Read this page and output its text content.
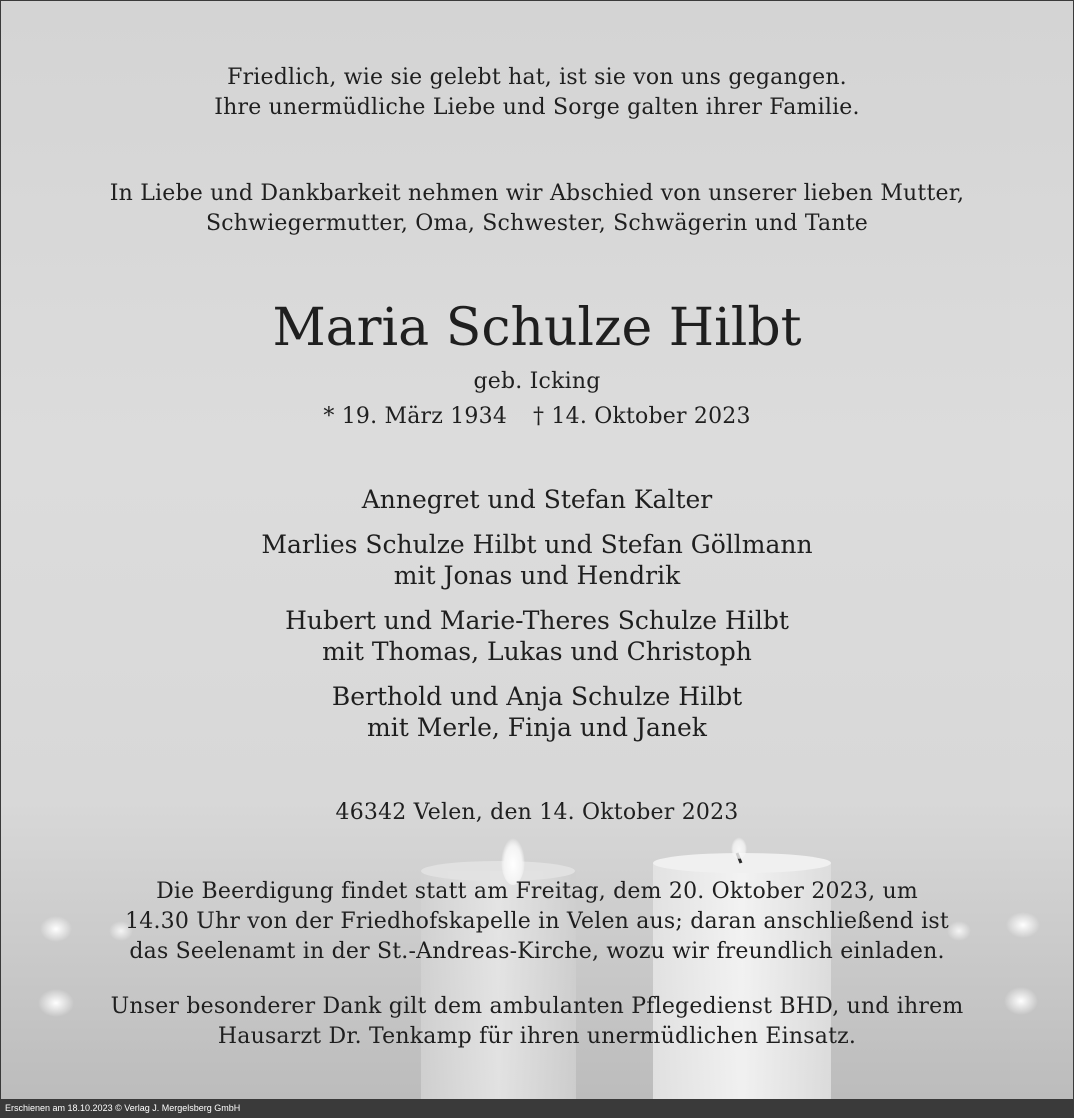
Friedlich, wie sie gelebt hat, ist sie von uns gegangen.
Ihre unermüdliche Liebe und Sorge galten ihrer Familie.
In Liebe und Dankbarkeit nehmen wir Abschied von unserer lieben Mutter,
Schwiegermutter, Oma, Schwester, Schwägerin und Tante
Maria Schulze Hilbt
geb. Icking
* 19. März 1934 † 14. Oktober 2023
Annegret und Stefan Kalter
Marlies Schulze Hilbt und Stefan Göllmann
mit Jonas und Hendrik
Hubert und Marie-Theres Schulze Hilbt
mit Thomas, Lukas und Christoph
Berthold und Anja Schulze Hilbt
mit Merle, Finja und Janek
46342 Velen, den 14. Oktober 2023
Die Beerdigung findet statt am Freitag, dem 20. Oktober 2023, um
14.30 Uhr von der Friedhofskapelle in Velen aus; daran anschließend ist
das Seelenamt in der St.-Andreas-Kirche, wozu wir freundlich einladen.
Unser besonderer Dank gilt dem ambulanten Pflegedienst BHD, und ihrem
Hausarzt Dr. Tenkamp für ihren unermüdlichen Einsatz.
Erschienen am 18.10.2023 © Verlag J. Mergelsberg GmbH
